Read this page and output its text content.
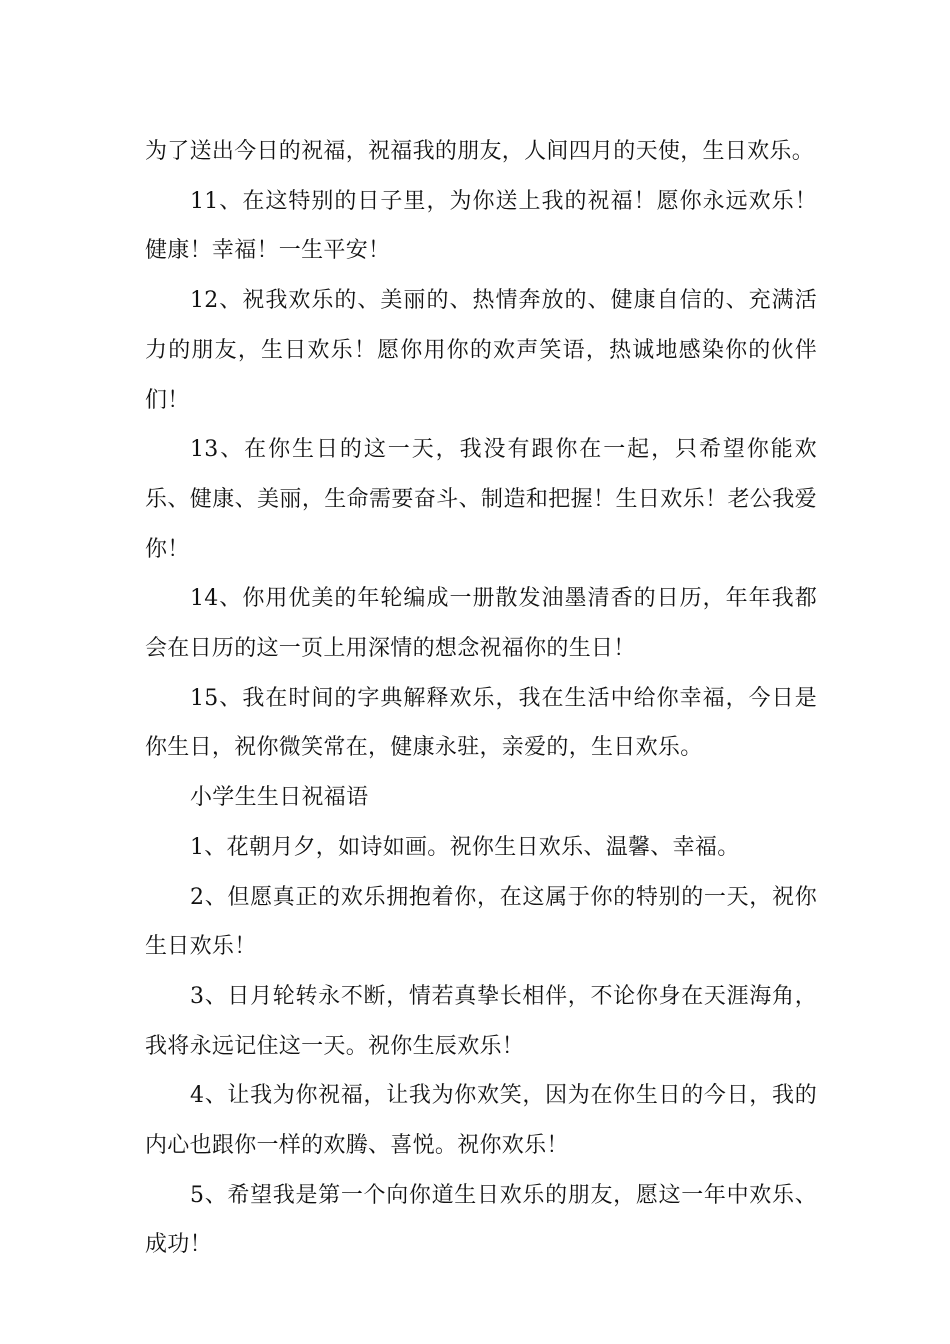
为了送出今日的祝福，祝福我的朋友，人间四月的天使，生日欢乐。

11、在这特别的日子里，为你送上我的祝福！愿你永远欢乐！健康！幸福！一生平安！

12、祝我欢乐的、美丽的、热情奔放的、健康自信的、充满活力的朋友，生日欢乐！愿你用你的欢声笑语，热诚地感染你的伙伴们！

13、在你生日的这一天，我没有跟你在一起，只希望你能欢乐、健康、美丽，生命需要奋斗、制造和把握！生日欢乐！老公我爱你！

14、你用优美的年轮编成一册散发油墨清香的日历，年年我都会在日历的这一页上用深情的想念祝福你的生日！

15、我在时间的字典解释欢乐，我在生活中给你幸福，今日是你生日，祝你微笑常在，健康永驻，亲爱的，生日欢乐。

小学生生日祝福语

1、花朝月夕，如诗如画。祝你生日欢乐、温馨、幸福。

2、但愿真正的欢乐拥抱着你，在这属于你的特别的一天，祝你生日欢乐！

3、日月轮转永不断，情若真挚长相伴，不论你身在天涯海角，我将永远记住这一天。祝你生辰欢乐！

4、让我为你祝福，让我为你欢笑，因为在你生日的今日，我的内心也跟你一样的欢腾、喜悦。祝你欢乐！

5、希望我是第一个向你道生日欢乐的朋友，愿这一年中欢乐、成功！
